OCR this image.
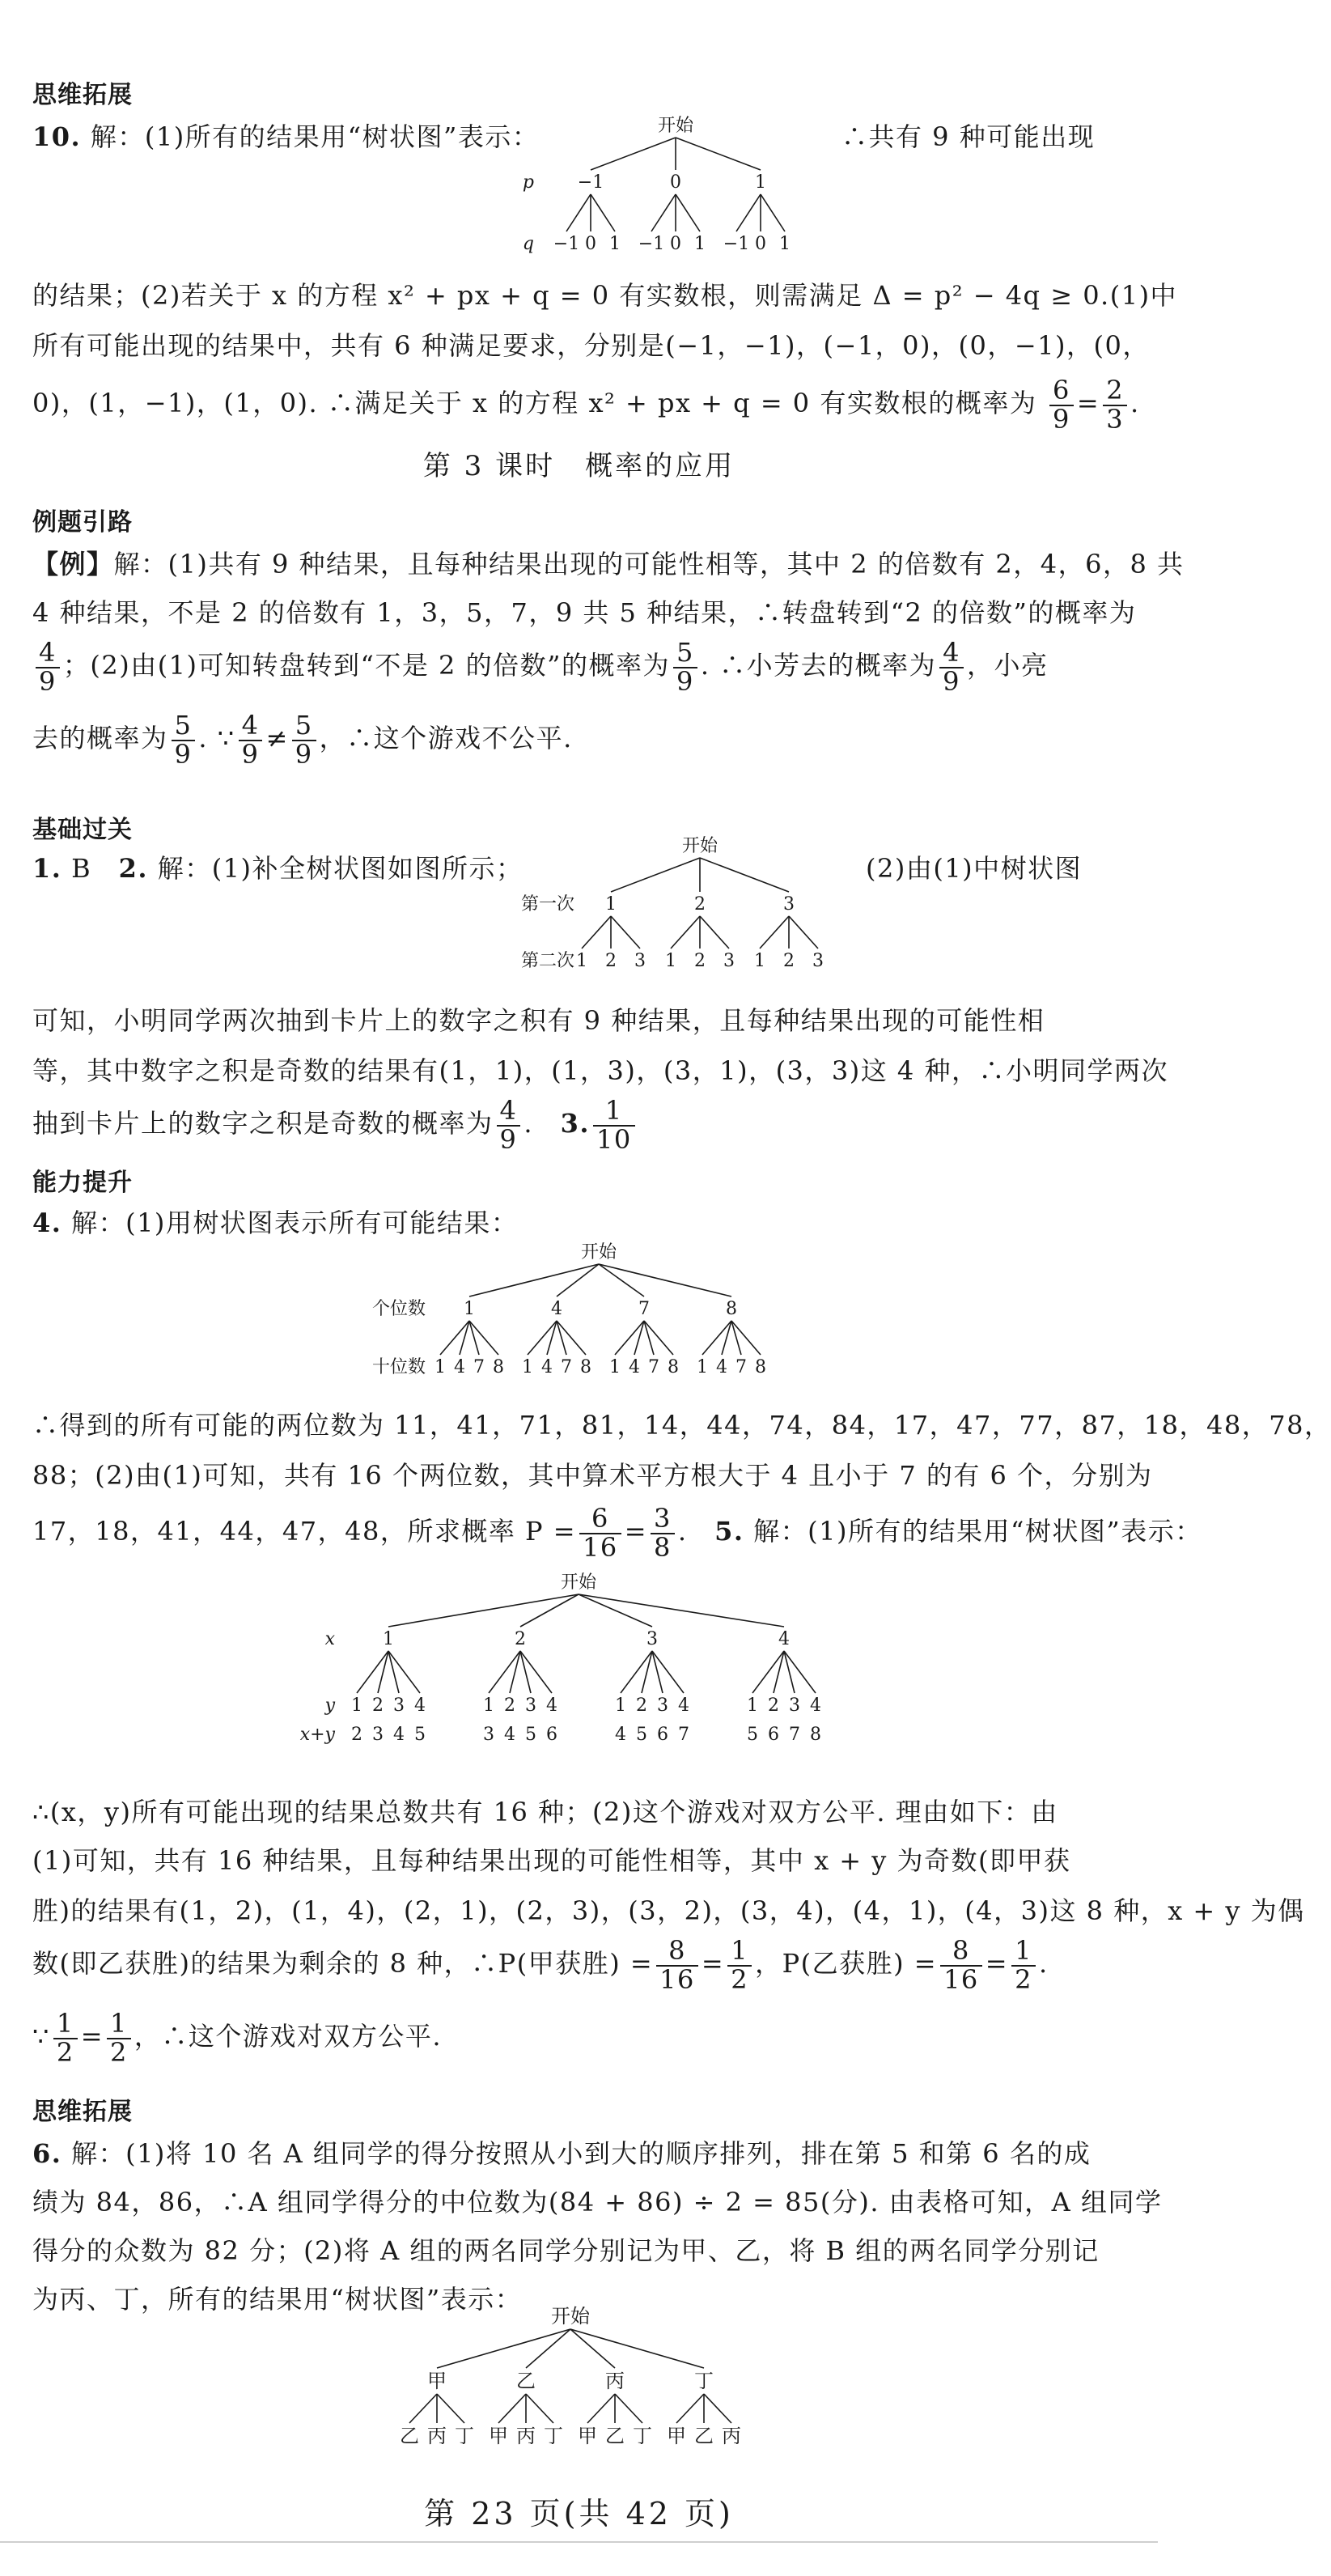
思维拓展
10. 解：(1)所有的结果用“树状图”表示：	∴共有 9 种可能出现
开始
−1	0	1
−1 0 1 −1 0 1 −1 0 1
p
q
的结果；(2)若关于 x 的方程 x² + px + q = 0 有实数根，则需满足 Δ = p² − 4q ≥ 0.(1)中
所有可能出现的结果中，共有 6 种满足要求，分别是(−1，−1)，(−1，0)，(0，−1)，(0，
0)，(1，−1)，(1，0). ∴满足关于 x 的方程 x² + px + q = 0 有实数根的概率为 $\frac{6}{9} = \frac{2}{3}$ .
第 3 课时　概率的应用
例题引路
【例】解：(1)共有 9 种结果，且每种结果出现的可能性相等，其中 2 的倍数有 2，4，6，8 共
4 种结果，不是 2 的倍数有 1，3，5，7，9 共 5 种结果，∴转盘转到“2 的倍数”的概率为
$\frac{4}{9}$ ；(2)由(1)可知转盘转到“不是 2 的倍数”的概率为 $\frac{5}{9}$ . ∴小芳去的概率为 $\frac{4}{9}$ ，小亮
去的概率为 $\frac{5}{9}$ . ∵ $\frac{4}{9} \ne \frac{5}{9}$ ，∴这个游戏不公平.
基础过关
1. B　2. 解：(1)补全树状图如图所示；	(2)由(1)中树状图
开始
1	2	3
1 2 3 1 2 3 1 2 3
第一次
第二次
可知，小明同学两次抽到卡片上的数字之积有 9 种结果，且每种结果出现的可能性相
等，其中数字之积是奇数的结果有(1，1)，(1，3)，(3，1)，(3，3)这 4 种，∴小明同学两次
抽到卡片上的数字之积是奇数的概率为 $\frac{4}{9}$ .　3. $\frac{1}{10}$
能力提升
4. 解：(1)用树状图表示所有可能结果：
开始
1	4	7	8
1 4 7 8 1 4 7 8 1 4 7 8 1 4 7 8
个位数
十位数
∴得到的所有可能的两位数为 11，41，71，81，14，44，74，84，17，47，77，87，18，48，78，
88；(2)由(1)可知，共有 16 个两位数，其中算术平方根大于 4 且小于 7 的有 6 个，分别为
17，18，41，44，47，48，所求概率 $P = \frac{6}{16} = \frac{3}{8}$ .　5. 解：(1)所有的结果用“树状图”表示：
开始
1	2	3	4
1
2
2
3
3
4
4
5
1
3
2
4
3
5
4
6
1
4
2
5
3
6
4
7
1
5
2
6
3
7
4
8
x
y
x+y
∴(x，y)所有可能出现的结果总数共有 16 种；(2)这个游戏对双方公平. 理由如下：由
(1)可知，共有 16 种结果，且每种结果出现的可能性相等，其中 x + y 为奇数(即甲获
胜)的结果有(1，2)，(1，4)，(2，1)，(2，3)，(3，2)，(3，4)，(4，1)，(4，3)这 8 种，x + y 为偶
数(即乙获胜)的结果为剩余的 8 种，∴P(甲获胜) = $\frac{8}{16} = \frac{1}{2}$ ，P(乙获胜) = $\frac{8}{16} = \frac{1}{2}$ .
∵ $\frac{1}{2} = \frac{1}{2}$ ，∴这个游戏对双方公平.
思维拓展
6. 解：(1)将 10 名 A 组同学的得分按照从小到大的顺序排列，排在第 5 和第 6 名的成
绩为 84，86，∴A 组同学得分的中位数为(84 + 86) ÷ 2 = 85(分). 由表格可知，A 组同学
得分的众数为 82 分；(2)将 A 组的两名同学分别记为甲、乙，将 B 组的两名同学分别记
为丙、丁，所有的结果用“树状图”表示：
开始
甲	乙	丙	丁
乙 丙 丁 甲 丙 丁 甲 乙 丁 甲 乙 丙
第 23 页(共 42 页)
